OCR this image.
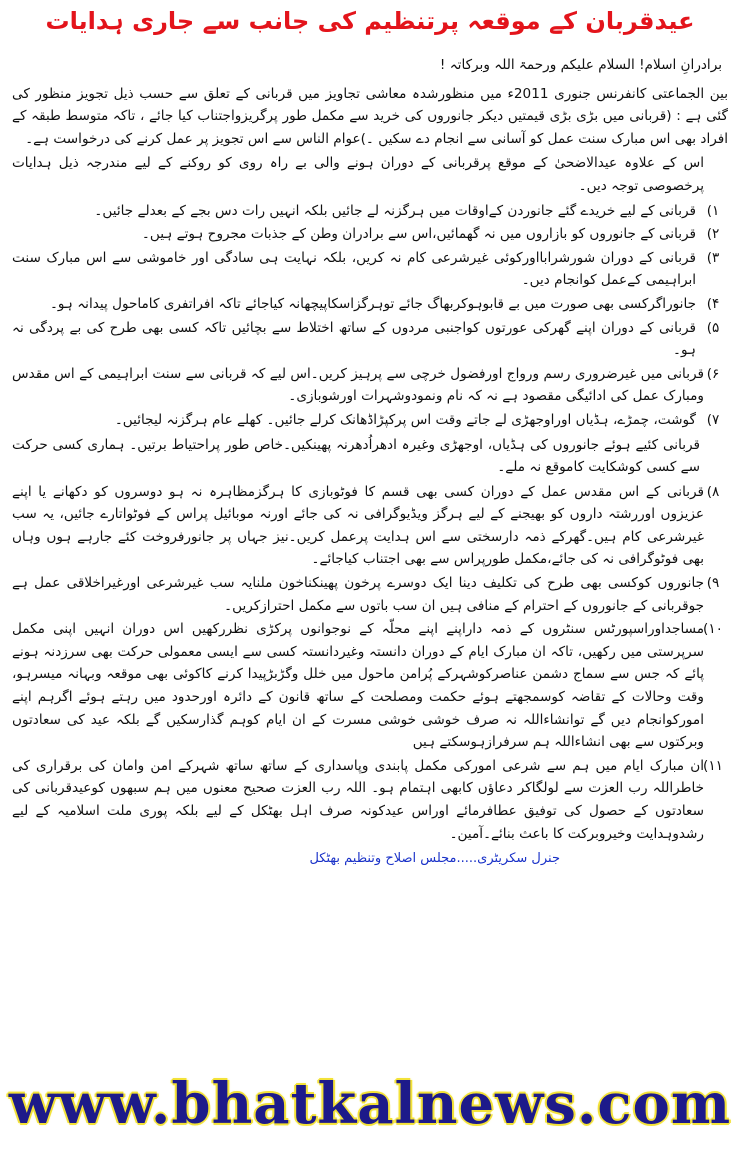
عیدقربان کے موقعہ پرتنظیم کی جانب سے جاری ہدایات

برادرانِ اسلام! السلام علیکم ورحمۃ اللہ وبرکاتہ !

بین الجماعتی کانفرنس جنوری 2011ء میں منظورشدہ معاشی تجاویز میں قربانی کے تعلق سے حسب ذیل تجویز منظور کی گئی ہے : (قربانی میں بڑی بڑی قیمتیں دیکر جانوروں کی خرید سے مکمل طور پرگریزواجتناب کیا جائے ، تاکہ متوسط طبقہ کے افراد بھی اس مبارک سنت عمل کو آسانی سے انجام دے سکیں ۔)عوام الناس سے اس تجویز پر عمل کرنے کی درخواست ہے۔

اس کے علاوہ عیدالاضحیٰ کے موقع پرقربانی کے دوران ہونے والی بے راہ روی کو روکنے کے لیے مندرجہ ذیل ہدایات پرخصوصی توجہ دیں۔

۱)
قربانی کے لیے خریدے گئے جانوردن کےاوقات میں ہرگزنہ لے جائیں بلکہ انہیں رات دس بجے کے بعدلے جائیں۔

۲)
قربانی کے جانوروں کو بازاروں میں نہ گھمائیں،اس سے برادران وطن کے جذبات مجروح ہوتے ہیں۔

۳)
قربانی کے دوران شورشرابااورکوئی غیرشرعی کام نہ کریں، بلکہ نہایت ہی سادگی اور خاموشی سے اس مبارک سنت ابراہیمی کےعمل کوانجام دیں۔

۴)
جانوراگرکسی بھی صورت میں بے قابوہوکربھاگ جائے توہرگزاسکاپیچھانہ کیاجائے تاکہ افراتفری کاماحول پیدانہ ہو۔

۵)
قربانی کے دوران اپنے گھرکی عورتوں کواجنبی مردوں کے ساتھ اختلاط سے بچائیں تاکہ کسی بھی طرح کی بے پردگی نہ ہو۔

۶)
قربانی میں غیرضروری رسم ورواج اورفضول خرچی سے پرہیز کریں۔اس لیے کہ قربانی سے سنت ابراہیمی کے اس مقدس ومبارک عمل کی ادائیگی مقصود ہے نہ کہ نام ونمودوشہرات اورشوبازی۔

۷)
گوشت، چمڑے، ہڈیاں اوراوجھڑی لے جاتے وقت اس پرکپڑاڈھانک کرلے جائیں۔ کھلے عام ہرگزنہ لیجائیں۔

قربانی کئیے ہوئے جانوروں کی ہڈیاں، اوجھڑی وغیرہ ادھراُدھرنہ پھینکیں۔خاص طور پراحتیاط برتیں۔ ہماری کسی حرکت سے کسی کوشکایت کاموقع نہ ملے۔

۸)
قربانی کے اس مقدس عمل کے دوران کسی بھی قسم کا فوٹوبازی کا ہرگزمظاہرہ نہ ہو دوسروں کو دکھانے یا اپنے عزیزوں اوررشتہ داروں کو بھیجنے کے لیے ہرگز ویڈیوگرافی نہ کی جائے اورنہ موبائیل پراس کے فوٹواتارے جائیں، یہ سب غیرشرعی کام ہیں۔گھرکے ذمہ دارسختی سے اس ہدایت پرعمل کریں۔نیز جہاں پر جانورفروخت کئے جارہے ہوں وہاں بھی فوٹوگرافی نہ کی جائے،مکمل طورپراس سے بھی اجتناب کیاجائے۔

۹)
جانوروں کوکسی بھی طرح کی تکلیف دینا ایک دوسرے پرخون پھینکناخون ملنایہ سب غیرشرعی اورغیراخلاقی عمل ہے جوقربانی کے جانوروں کے احترام کے منافی ہیں ان سب باتوں سے مکمل احترازکریں۔

۱۰)
مساجداوراسپورٹس سنٹروں کے ذمہ داراپنے اپنے محلّہ کے نوجوانوں پرکڑی نظررکھیں اس دوران انہیں اپنی مکمل سرپرستی میں رکھیں، تاکہ ان مبارک ایام کے دوران دانستہ وغیردانستہ کسی سے ایسی معمولی حرکت بھی سرزدنہ ہونے پائے کہ جس سے سماج دشمن عناصرکوشہرکے پُرامن ماحول میں خلل وگڑبڑپیدا کرنے کاکوئی بھی موقعہ وبہانہ میسرہو، وقت وحالات کے تقاضہ کوسمجھتے ہوئے حکمت ومصلحت کے ساتھ قانون کے دائرہ اورحدود میں رہتے ہوئے اگرہم اپنے امورکوانجام دیں گے توانشاءاللہ نہ صرف خوشی خوشی مسرت کے ان ایام کوہم گذارسکیں گے بلکہ عید کی سعادتوں وبرکتوں سے بھی انشاءاللہ ہم سرفرازہوسکتے ہیں

۱۱)
ان مبارک ایام میں ہم سے شرعی امورکی مکمل پابندی وپاسداری کے ساتھ ساتھ شہرکے امن وامان کی برقراری کی خاطراللہ رب العزت سے لولگاکر دعاؤں کابھی اہتمام ہو۔ اللہ رب العزت صحیح معنوں میں ہم سبھوں کوعیدقربانی کی سعادتوں کے حصول کی توفیق عطافرمائے اوراس عیدکونہ صرف اہل بھٹکل کے لیے بلکہ پوری ملت اسلامیہ کے لیے رشدوہدایت وخیروبرکت کا باعث بنائے۔آمین۔

جنرل سکریٹری.....مجلس اصلاح وتنظیم بھٹکل
www.bhatkalnews.com
